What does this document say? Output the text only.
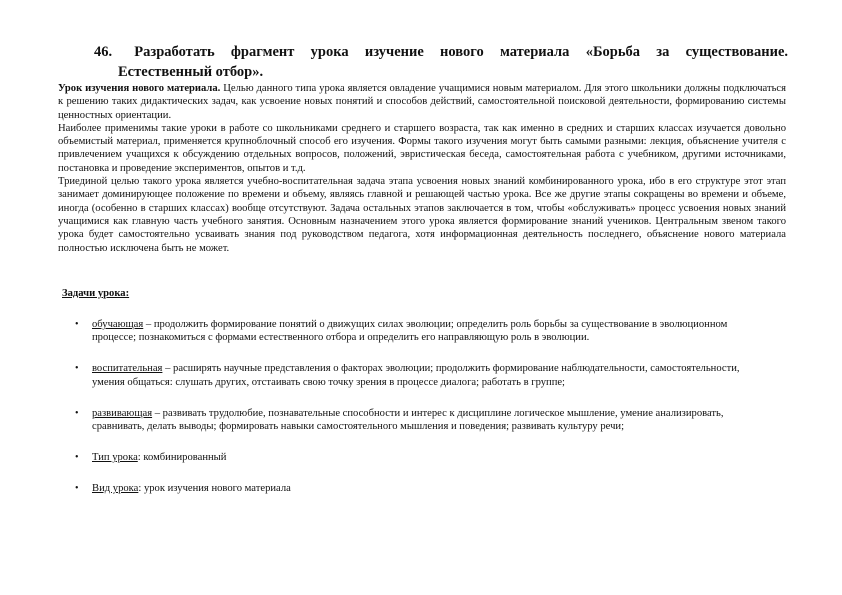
46. Разработать фрагмент урока изучение нового материала «Борьба за существование.
Естественный отбор».

Урок изучения нового материала. Целью данного типа урока является овладение учащимися новым материалом. Для этого школьники должны подключаться к решению таких дидактических задач, как усвоение новых понятий и способов действий, самостоятельной поисковой деятельности, формированию системы ценностных ориентации.

Наиболее применимы такие уроки в работе со школьниками среднего и старшего возраста, так как именно в средних и старших классах изучается довольно объемистый материал, применяется крупноблочный способ его изучения. Формы такого изучения могут быть самыми разными: лекция, объяснение учителя с привлечением учащихся к обсуждению отдельных вопросов, положений, эвристическая беседа, самостоятельная работа с учебником, другими источниками, постановка и проведение экспериментов, опытов и т.д.

Триединой целью такого урока является учебно-воспитательная задача этапа усвоения новых знаний комбинированного урока, ибо в его структуре этот этап занимает доминирующее положение по времени и объему, являясь главной и решающей частью урока. Все же другие этапы сокращены во времени и объеме, иногда (особенно в старших классах) вообще отсутствуют. Задача остальных этапов заключается в том, чтобы «обслуживать» процесс усвоения новых знаний учащимися как главную часть учебного занятия. Основным назначением этого урока является формирование знаний учеников. Центральным звеном такого урока будет самостоятельно усваивать знания под руководством педагога, хотя информационная деятельность последнего, объяснение нового материала полностью исключена быть не может.

Задачи урока:
• обучающая – продолжить формирование понятий о движущих силах эволюции; определить роль борьбы за существование в эволюционном процессе; познакомиться с формами естественного отбора и определить его направляющую роль в эволюции.
• воспитательная – расширять научные представления о факторах эволюции; продолжить формирование наблюдательности, самостоятельности, умения общаться: слушать других, отстаивать свою точку зрения в процессе диалога; работать в группе;
• развивающая – развивать трудолюбие, познавательные способности и интерес к дисциплине логическое мышление, умение анализировать, сравнивать, делать выводы; формировать навыки самостоятельного мышления и поведения; развивать культуру речи;
• Тип урока: комбинированный
• Вид урока: урок изучения нового материала
